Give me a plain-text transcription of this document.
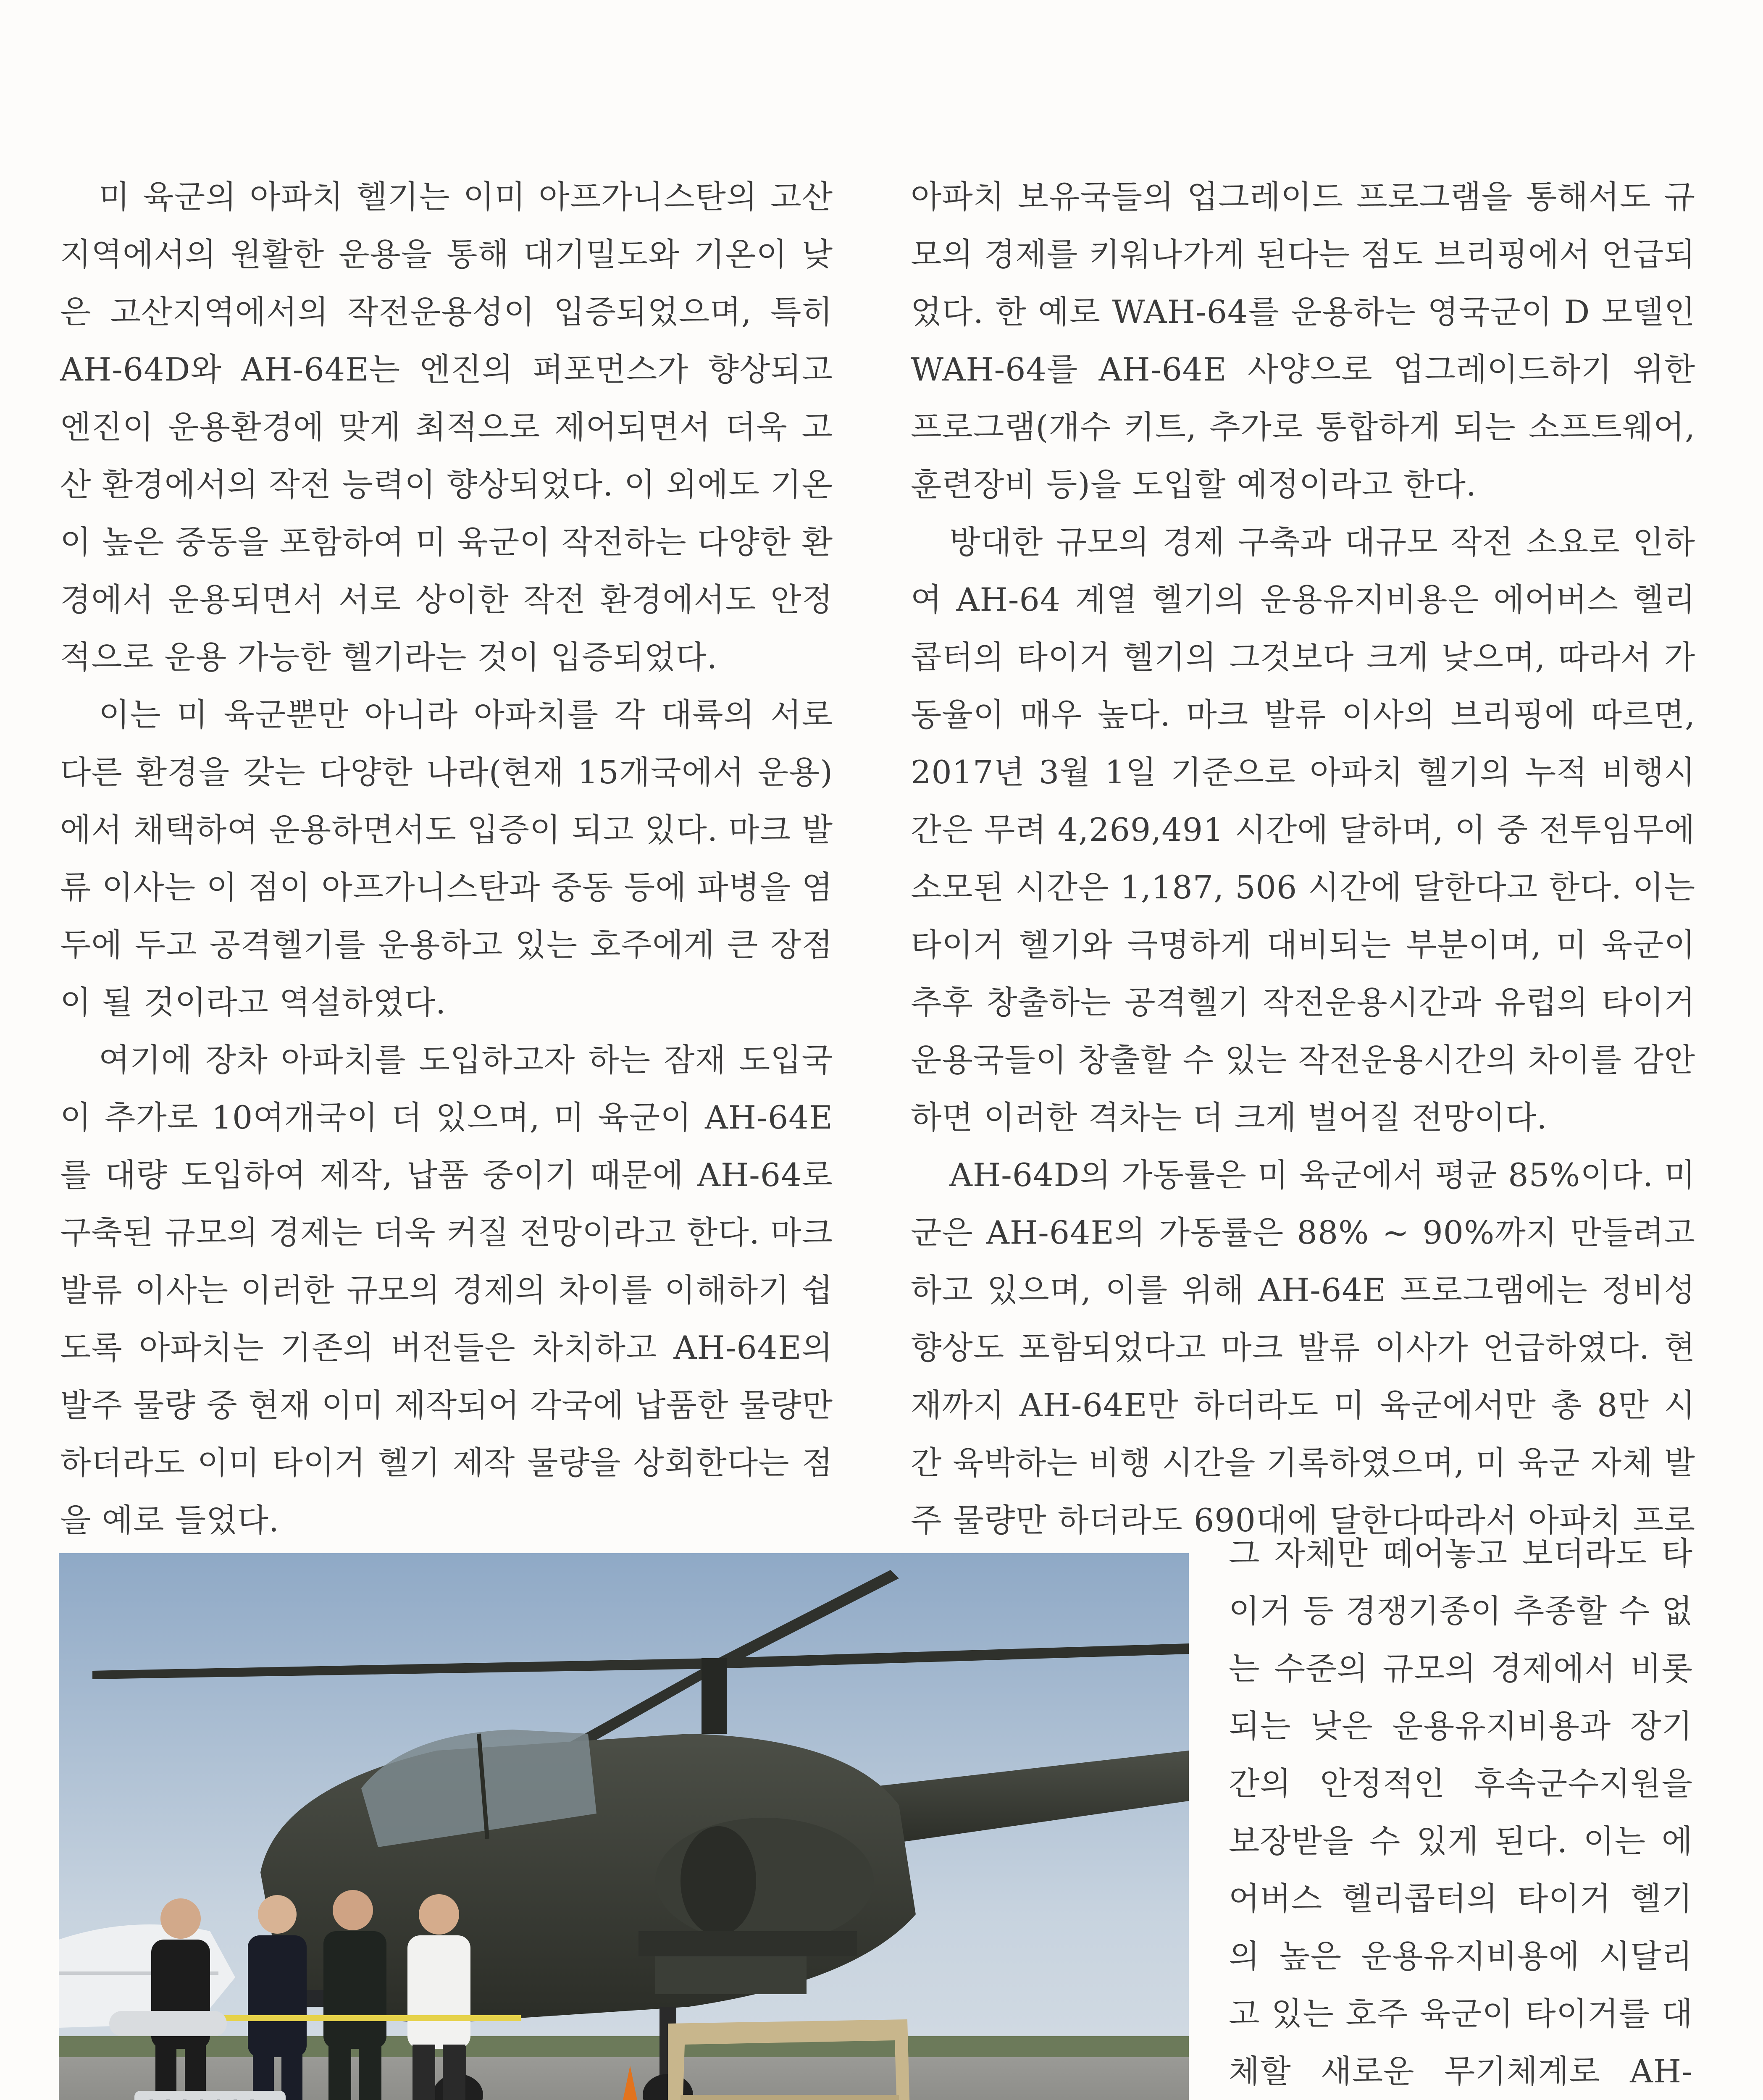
미 육군의 아파치 헬기는 이미 아프가니스탄의 고산지역에서의 원활한 운용을 통해 대기밀도와 기온이 낮은 고산지역에서의 작전운용성이 입증되었으며, 특히 AH-64D와 AH-64E는 엔진의 퍼포먼스가 향상되고 엔진이 운용환경에 맞게 최적으로 제어되면서 더욱 고산 환경에서의 작전 능력이 향상되었다. 이 외에도 기온이 높은 중동을 포함하여 미 육군이 작전하는 다양한 환경에서 운용되면서 서로 상이한 작전 환경에서도 안정적으로 운용 가능한 헬기라는 것이 입증되었다.

이는 미 육군뿐만 아니라 아파치를 각 대륙의 서로 다른 환경을 갖는 다양한 나라(현재 15개국에서 운용)에서 채택하여 운용하면서도 입증이 되고 있다. 마크 발류 이사는 이 점이 아프가니스탄과 중동 등에 파병을 염두에 두고 공격헬기를 운용하고 있는 호주에게 큰 장점이 될 것이라고 역설하였다.

여기에 장차 아파치를 도입하고자 하는 잠재 도입국이 추가로 10여개국이 더 있으며, 미 육군이 AH-64E를 대량 도입하여 제작, 납품 중이기 때문에 AH-64로 구축된 규모의 경제는 더욱 커질 전망이라고 한다. 마크 발류 이사는 이러한 규모의 경제의 차이를 이해하기 쉽도록 아파치는 기존의 버전들은 차치하고 AH-64E의 발주 물량 중 현재 이미 제작되어 각국에 납품한 물량만 하더라도 이미 타이거 헬기 제작 물량을 상회한다는 점을 예로 들었다.

아파치 보유국들의 업그레이드 프로그램을 통해서도 규모의 경제를 키워나가게 된다는 점도 브리핑에서 언급되었다. 한 예로 WAH-64를 운용하는 영국군이 D 모델인 WAH-64를 AH-64E 사양으로 업그레이드하기 위한 프로그램(개수 키트, 추가로 통합하게 되는 소프트웨어, 훈련장비 등)을 도입할 예정이라고 한다.

방대한 규모의 경제 구축과 대규모 작전 소요로 인하여 AH-64 계열 헬기의 운용유지비용은 에어버스 헬리콥터의 타이거 헬기의 그것보다 크게 낮으며, 따라서 가동율이 매우 높다. 마크 발류 이사의 브리핑에 따르면, 2017년 3월 1일 기준으로 아파치 헬기의 누적 비행시간은 무려 4,269,491 시간에 달하며, 이 중 전투임무에 소모된 시간은 1,187, 506 시간에 달한다고 한다. 이는 타이거 헬기와 극명하게 대비되는 부분이며, 미 육군이 추후 창출하는 공격헬기 작전운용시간과 유럽의 타이거 운용국들이 창출할 수 있는 작전운용시간의 차이를 감안하면 이러한 격차는 더 크게 벌어질 전망이다.

AH-64D의 가동률은 미 육군에서 평균 85%이다. 미군은 AH-64E의 가동률은 88% ~ 90%까지 만들려고 하고 있으며, 이를 위해 AH-64E 프로그램에는 정비성 향상도 포함되었다고 마크 발류 이사가 언급하였다. 현재까지 AH-64E만 하더라도 미 육군에서만 총 8만 시간 육박하는 비행 시간을 기록하였으며, 미 육군 자체 발주 물량만 하더라도 690대에 달한다따라서 아파치 프로

그 자체만 떼어놓고 보더라도 타이거 등 경쟁기종이 추종할 수 없는 수준의 규모의 경제에서 비롯되는 낮은 운용유지비용과 장기간의 안정적인 후속군수지원을 보장받을 수 있게 된다. 이는 에어버스 헬리콥터의 타이거 헬기의 높은 운용유지비용에 시달리고 있는 호주 육군이 타이거를 대체할 새로운 무기체계로 AH-
